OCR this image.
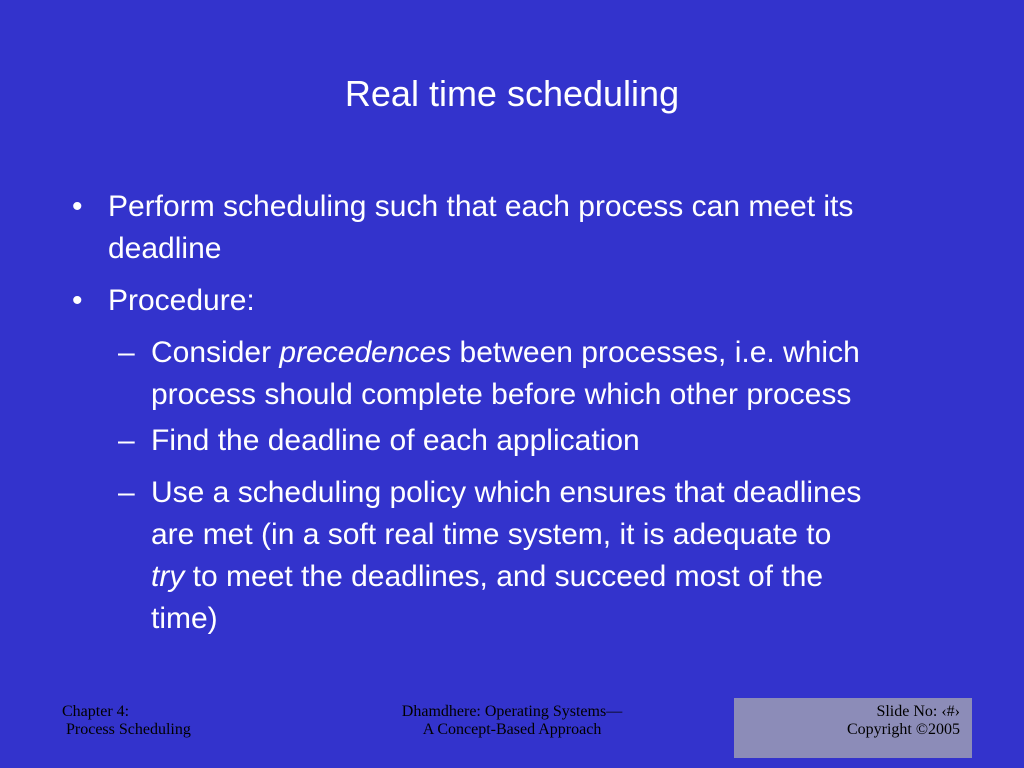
Real time scheduling
• Perform scheduling such that each process can meet its
deadline
• Procedure:
– Consider precedences between processes, i.e. which
process should complete before which other process
– Find the deadline of each application
– Use a scheduling policy which ensures that deadlines
are met (in a soft real time system, it is adequate to
try to meet the deadlines, and succeed most of the
time)
Chapter 4:
Process Scheduling
Dhamdhere: Operating Systems—
A Concept-Based Approach
Slide No: ‹#›
Copyright ©2005
